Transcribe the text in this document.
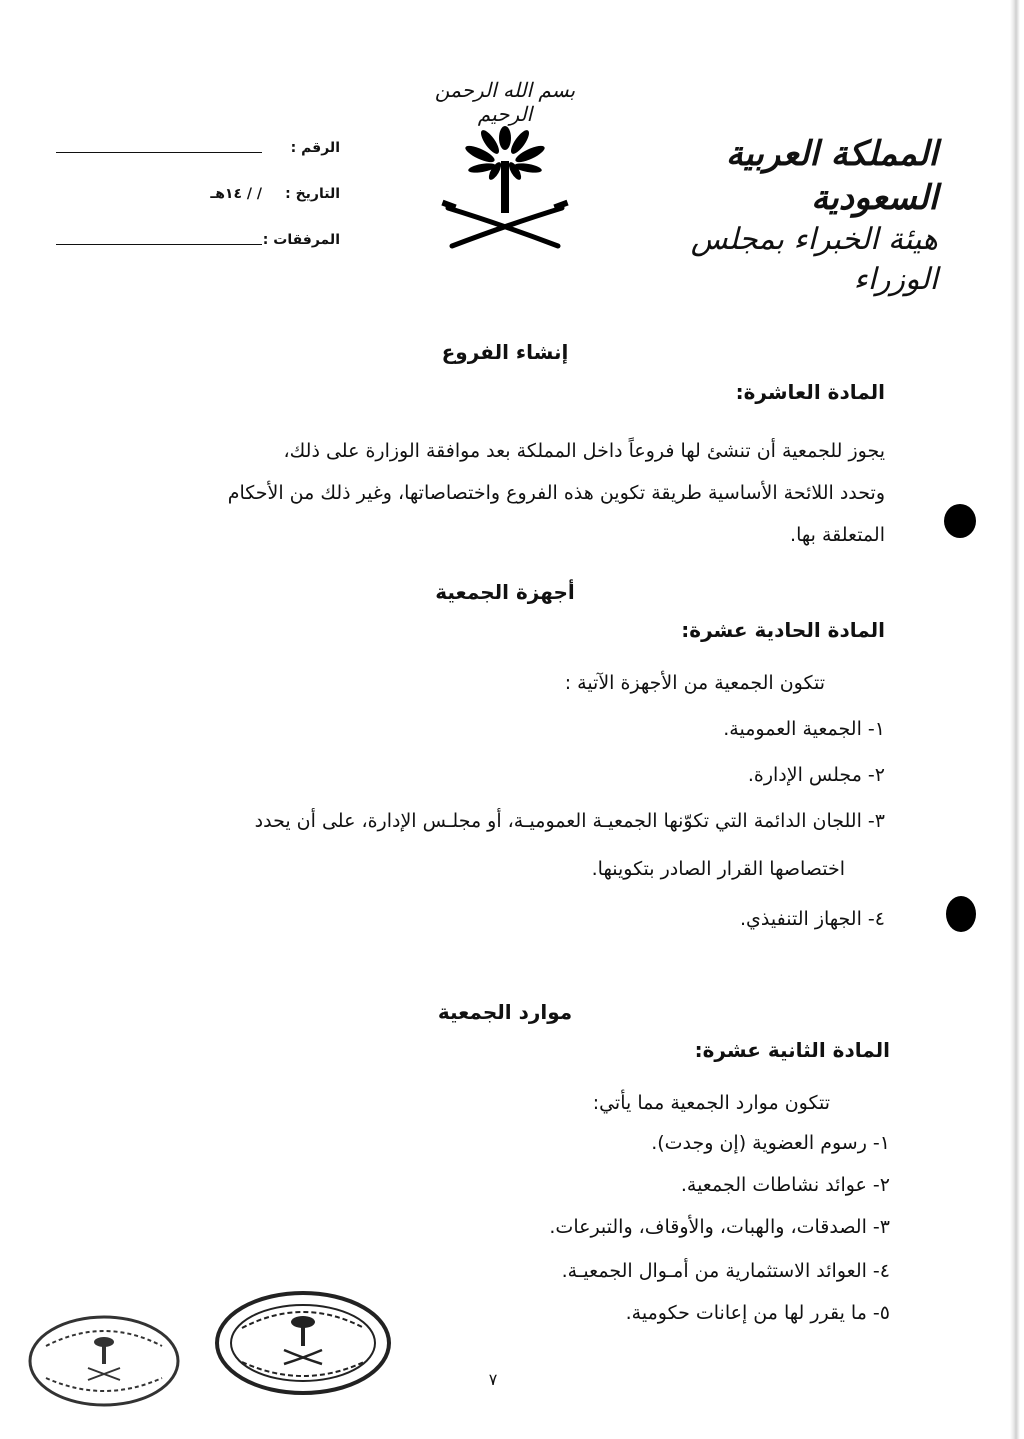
بسم الله الرحمن الرحيم
المملكة العربية السعودية
هيئة الخبراء بمجلس الوزراء
الرقم :
التاريخ :
/ / ١٤هـ
المرفقات :
إنشاء الفروع
المادة العاشرة:
يجوز للجمعية أن تنشئ لها فروعاً داخل المملكة بعد موافقة الوزارة على ذلك،
وتحدد اللائحة الأساسية طريقة تكوين هذه الفروع واختصاصاتها، وغير ذلك من الأحكام
المتعلقة بها.
أجهزة الجمعية
المادة الحادية عشرة:
تتكون الجمعية من الأجهزة الآتية :
١- الجمعية العمومية.
٢- مجلس الإدارة.
٣- اللجان الدائمة التي تكوّنها الجمعيـة العموميـة، أو مجلـس الإدارة، على أن يحدد
اختصاصها القرار الصادر بتكوينها.
٤- الجهاز التنفيذي.
موارد الجمعية
المادة الثانية عشرة:
تتكون موارد الجمعية مما يأتي:
١- رسوم العضوية (إن وجدت).
٢- عوائد نشاطات الجمعية.
٣- الصدقات، والهبات، والأوقاف، والتبرعات.
٤- العوائد الاستثمارية من أمـوال الجمعيـة.
٥- ما يقرر لها من إعانات حكومية.
٧
